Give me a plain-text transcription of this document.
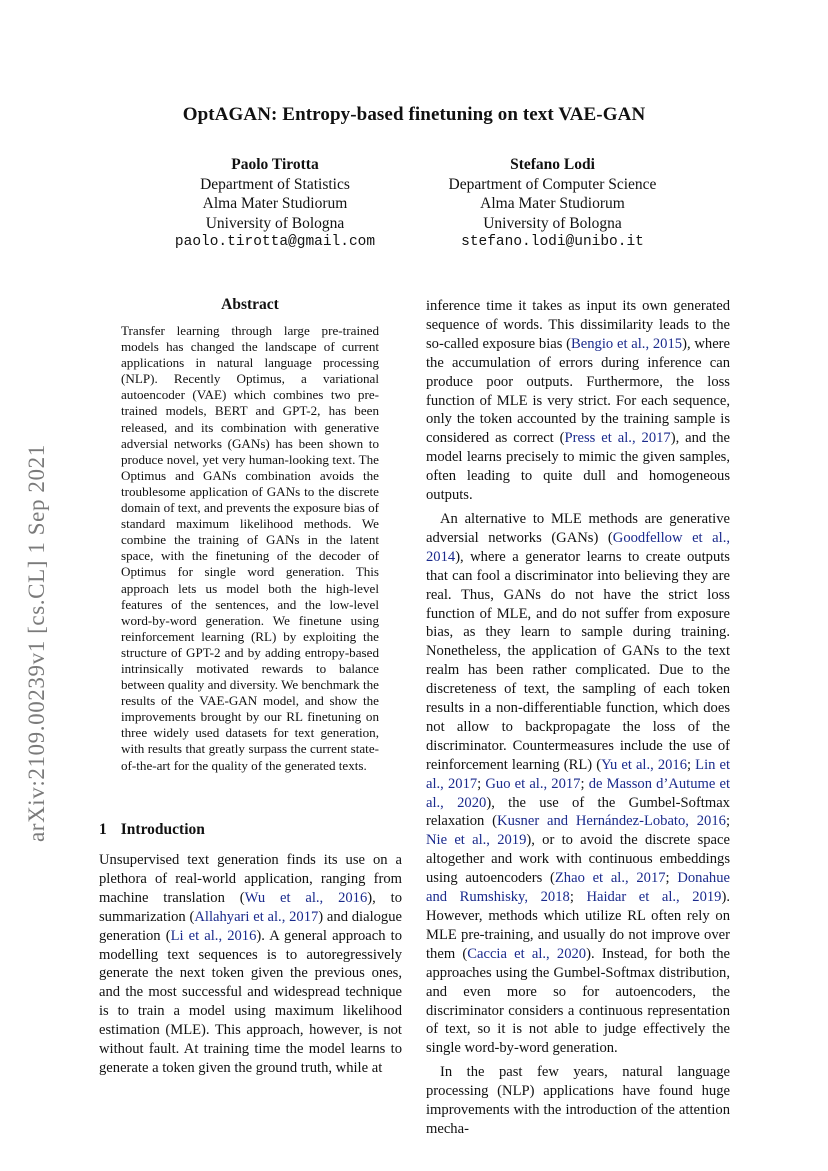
OptAGAN: Entropy-based finetuning on text VAE-GAN
Paolo Tirotta
Department of Statistics
Alma Mater Studiorum
University of Bologna
paolo.tirotta@gmail.com
Stefano Lodi
Department of Computer Science
Alma Mater Studiorum
University of Bologna
stefano.lodi@unibo.it
arXiv:2109.00239v1 [cs.CL] 1 Sep 2021
Abstract
Transfer learning through large pre-trained models has changed the landscape of current applications in natural language processing (NLP). Recently Optimus, a variational autoencoder (VAE) which combines two pre-trained models, BERT and GPT-2, has been released, and its combination with generative adversial networks (GANs) has been shown to produce novel, yet very human-looking text. The Optimus and GANs combination avoids the troublesome application of GANs to the discrete domain of text, and prevents the exposure bias of standard maximum likelihood methods. We combine the training of GANs in the latent space, with the finetuning of the decoder of Optimus for single word generation. This approach lets us model both the high-level features of the sentences, and the low-level word-by-word generation. We finetune using reinforcement learning (RL) by exploiting the structure of GPT-2 and by adding entropy-based intrinsically motivated rewards to balance between quality and diversity. We benchmark the results of the VAE-GAN model, and show the improvements brought by our RL finetuning on three widely used datasets for text generation, with results that greatly surpass the current state-of-the-art for the quality of the generated texts.
1 Introduction
Unsupervised text generation finds its use on a plethora of real-world application, ranging from machine translation (Wu et al., 2016), to summarization (Allahyari et al., 2017) and dialogue generation (Li et al., 2016). A general approach to modelling text sequences is to autoregressively generate the next token given the previous ones, and the most successful and widespread technique is to train a model using maximum likelihood estimation (MLE). This approach, however, is not without fault. At training time the model learns to generate a token given the ground truth, while at

inference time it takes as input its own generated sequence of words. This dissimilarity leads to the so-called exposure bias (Bengio et al., 2015), where the accumulation of errors during inference can produce poor outputs. Furthermore, the loss function of MLE is very strict. For each sequence, only the token accounted by the training sample is considered as correct (Press et al., 2017), and the model learns precisely to mimic the given samples, often leading to quite dull and homogeneous outputs.

An alternative to MLE methods are generative adversial networks (GANs) (Goodfellow et al., 2014), where a generator learns to create outputs that can fool a discriminator into believing they are real. Thus, GANs do not have the strict loss function of MLE, and do not suffer from exposure bias, as they learn to sample during training. Nonetheless, the application of GANs to the text realm has been rather complicated. Due to the discreteness of text, the sampling of each token results in a non-differentiable function, which does not allow to backpropagate the loss of the discriminator. Countermeasures include the use of reinforcement learning (RL) (Yu et al., 2016; Lin et al., 2017; Guo et al., 2017; de Masson d’Autume et al., 2020), the use of the Gumbel-Softmax relaxation (Kusner and Hernández-Lobato, 2016; Nie et al., 2019), or to avoid the discrete space altogether and work with continuous embeddings using autoencoders (Zhao et al., 2017; Donahue and Rumshisky, 2018; Haidar et al., 2019). However, methods which utilize RL often rely on MLE pre-training, and usually do not improve over them (Caccia et al., 2020). Instead, for both the approaches using the Gumbel-Softmax distribution, and even more so for autoencoders, the discriminator considers a continuous representation of text, so it is not able to judge effectively the single word-by-word generation.

In the past few years, natural language processing (NLP) applications have found huge improvements with the introduction of the attention mecha-
